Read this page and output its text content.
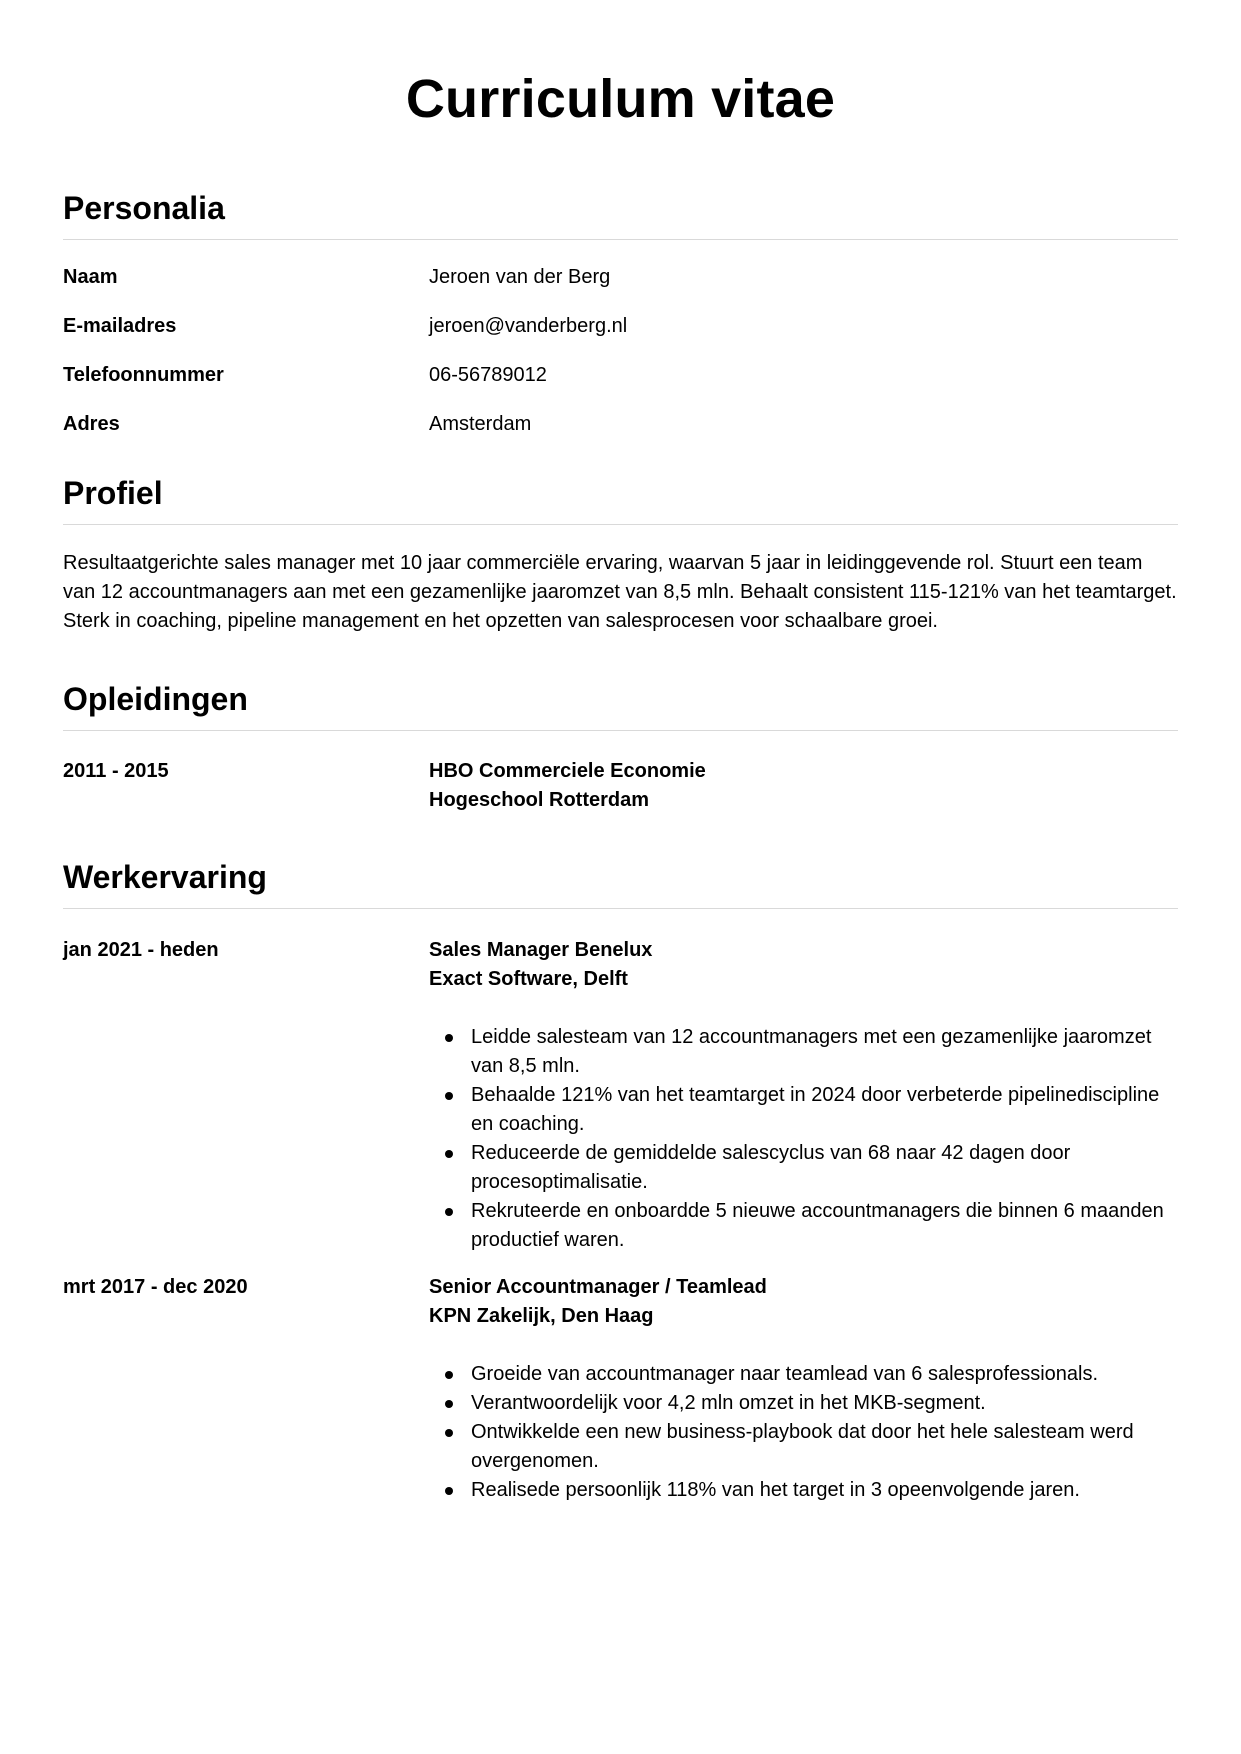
Curriculum vitae
Personalia
Naam	Jeroen van der Berg
E-mailadres	jeroen@vanderberg.nl
Telefoonnummer	06-56789012
Adres	Amsterdam
Profiel

Resultaatgerichte sales manager met 10 jaar commerciële ervaring, waarvan 5 jaar in leidinggevende rol. Stuurt een team van 12 accountmanagers aan met een gezamenlijke jaaromzet van 8,5 mln. Behaalt consistent 115-121% van het teamtarget. Sterk in coaching, pipeline management en het opzetten van salesprocesen voor schaalbare groei.

Opleidingen
2011 - 2015	HBO Commerciele Economie
Hogeschool Rotterdam
Werkervaring
jan 2021 - heden	Sales Manager Benelux
Exact Software, Delft
Leidde salesteam van 12 accountmanagers met een gezamenlijke jaaromzet van 8,5 mln.
Behaalde 121% van het teamtarget in 2024 door verbeterde pipelinediscipline en coaching.
Reduceerde de gemiddelde salescyclus van 68 naar 42 dagen door procesoptimalisatie.
Rekruteerde en onboardde 5 nieuwe accountmanagers die binnen 6 maanden productief waren.
mrt 2017 - dec 2020	Senior Accountmanager / Teamlead
KPN Zakelijk, Den Haag
Groeide van accountmanager naar teamlead van 6 salesprofessionals.
Verantwoordelijk voor 4,2 mln omzet in het MKB-segment.
Ontwikkelde een new business-playbook dat door het hele salesteam werd overgenomen.
Realisede persoonlijk 118% van het target in 3 opeenvolgende jaren.
